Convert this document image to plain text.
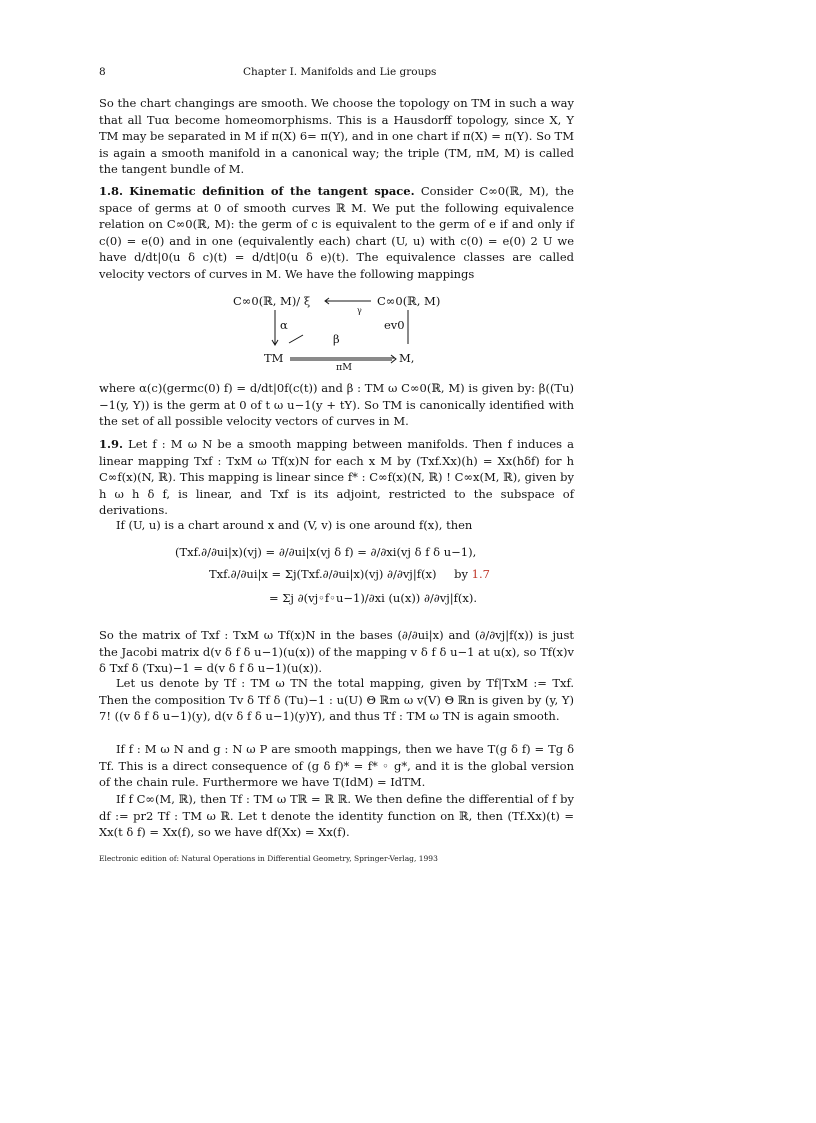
8	Chapter I. Manifolds and Lie groups

So the chart changings are smooth. We choose the topology on TM in such a way that all Tuα become homeomorphisms. This is a Hausdorff topology, since X, Y TM may be separated in M if π(X) 6= π(Y), and in one chart if π(X) = π(Y). So TM is again a smooth manifold in a canonical way; the triple (TM, πM, M) is called the tangent bundle of M.

1.8. Kinematic definition of the tangent space. Consider C∞0(ℝ, M), the space of germs at 0 of smooth curves ℝ M. We put the following equivalence relation on C∞0(ℝ, M): the germ of c is equivalent to the germ of e if and only if c(0) = e(0) and in one (equivalently each) chart (U, u) with c(0) = e(0) 2 U we have d/dt|0(u δ c)(t) = d/dt|0(u δ e)(t). The equivalence classes are called velocity vectors of curves in M. We have the following mappings

C∞0(ℝ, M)/ ξ	C∞0(ℝ, M)
γ
α
β
ev0
TM	M,
πM

where α(c)(germc(0) f) = d/dt|0f(c(t)) and β : TM ω C∞0(ℝ, M) is given by: β((Tu)−1(y, Y)) is the germ at 0 of t ω u−1(y + tY). So TM is canonically identified with the set of all possible velocity vectors of curves in M.

1.9. Let f : M ω N be a smooth mapping between manifolds. Then f induces a linear mapping Txf : TxM ω Tf(x)N for each x M by (Txf.Xx)(h) = Xx(hδf) for h C∞f(x)(N, ℝ). This mapping is linear since f* : C∞f(x)(N, ℝ) ! C∞x(M, ℝ), given by h ω h δ f, is linear, and Txf is its adjoint, restricted to the subspace of derivations.

If (U, u) is a chart around x and (V, v) is one around f(x), then

(Txf.∂/∂ui|x)(vj) = ∂/∂ui|x(vj δ f) = ∂/∂xi(vj δ f δ u−1),
Txf.∂/∂ui|x = Σj(Txf.∂/∂ui|x)(vj) ∂/∂vj|f(x) by 1.7
= Σj ∂(vj◦f◦u−1)/∂xi (u(x)) ∂/∂vj|f(x).

So the matrix of Txf : TxM ω Tf(x)N in the bases (∂/∂ui|x) and (∂/∂vj|f(x)) is just the Jacobi matrix d(v δ f δ u−1)(u(x)) of the mapping v δ f δ u−1 at u(x), so Tf(x)v δ Txf δ (Txu)−1 = d(v δ f δ u−1)(u(x)).

Let us denote by Tf : TM ω TN the total mapping, given by Tf|TxM := Txf. Then the composition Tv δ Tf δ (Tu)−1 : u(U) Θ ℝm ω v(V) Θ ℝn is given by (y, Y) 7! ((v δ f δ u−1)(y), d(v δ f δ u−1)(y)Y), and thus Tf : TM ω TN is again smooth.

If f : M ω N and g : N ω P are smooth mappings, then we have T(g δ f) = Tg δ Tf. This is a direct consequence of (g δ f)* = f* ◦ g*, and it is the global version of the chain rule. Furthermore we have T(IdM) = IdTM.

If f C∞(M, ℝ), then Tf : TM ω Tℝ = ℝ ℝ. We then define the differential of f by df := pr2 Tf : TM ω ℝ. Let t denote the identity function on ℝ, then (Tf.Xx)(t) = Xx(t δ f) = Xx(f), so we have df(Xx) = Xx(f).

Electronic edition of: Natural Operations in Differential Geometry, Springer-Verlag, 1993
